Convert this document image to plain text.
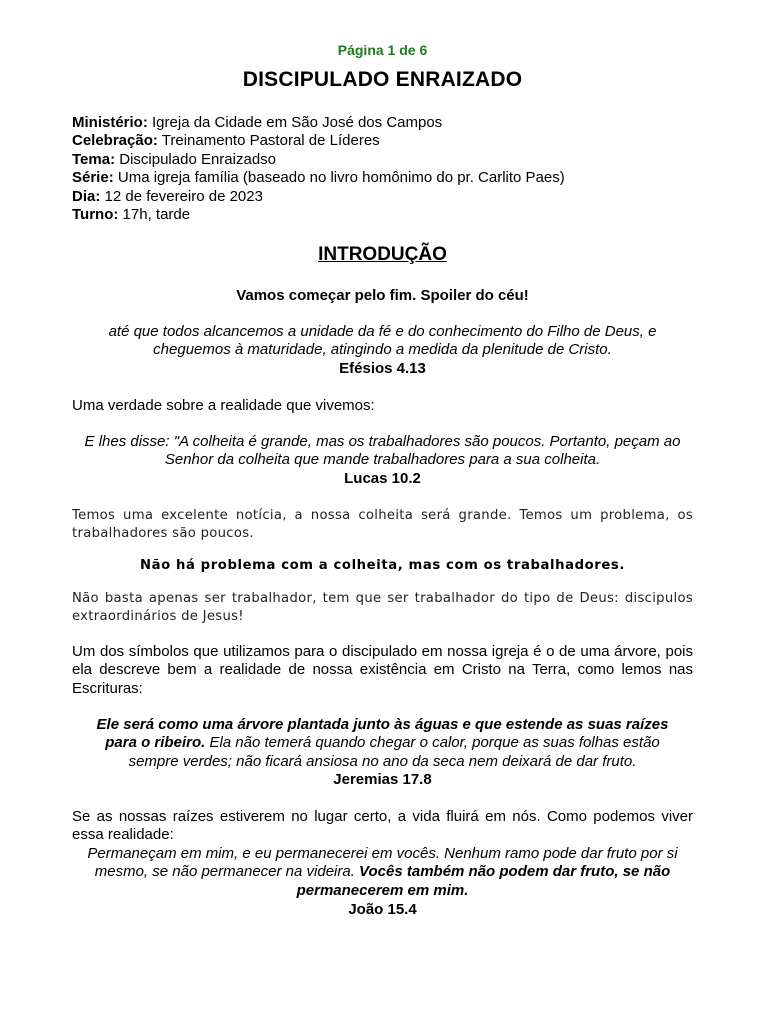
Página 1 de 6
DISCIPULADO ENRAIZADO
Ministério: Igreja da Cidade em São José dos Campos
Celebração: Treinamento Pastoral de Líderes
Tema: Discipulado Enraizadso
Série: Uma igreja família (baseado no livro homônimo do pr. Carlito Paes)
Dia: 12 de fevereiro de 2023
Turno: 17h, tarde
INTRODUÇÃO
Vamos começar pelo fim. Spoiler do céu!
até que todos alcancemos a unidade da fé e do conhecimento do Filho de Deus, e cheguemos à maturidade, atingindo a medida da plenitude de Cristo.
Efésios 4.13
Uma verdade sobre a realidade que vivemos:
E lhes disse: "A colheita é grande, mas os trabalhadores são poucos. Portanto, peçam ao Senhor da colheita que mande trabalhadores para a sua colheita.
Lucas 10.2
Temos uma excelente notícia, a nossa colheita será grande. Temos um problema, os trabalhadores são poucos.
Não há problema com a colheita, mas com os trabalhadores.
Não basta apenas ser trabalhador, tem que ser trabalhador do tipo de Deus: discipulos extraordinários de Jesus!
Um dos símbolos que utilizamos para o discipulado em nossa igreja é o de uma árvore, pois ela descreve bem a realidade de nossa existência em Cristo na Terra, como lemos nas Escrituras:
Ele será como uma árvore plantada junto às águas e que estende as suas raízes para o ribeiro. Ela não temerá quando chegar o calor, porque as suas folhas estão sempre verdes; não ficará ansiosa no ano da seca nem deixará de dar fruto.
Jeremias 17.8
Se as nossas raízes estiverem no lugar certo, a vida fluirá em nós. Como podemos viver essa realidade:
Permaneçam em mim, e eu permanecerei em vocês. Nenhum ramo pode dar fruto por si mesmo, se não permanecer na videira. Vocês também não podem dar fruto, se não permanecerem em mim.
João 15.4
